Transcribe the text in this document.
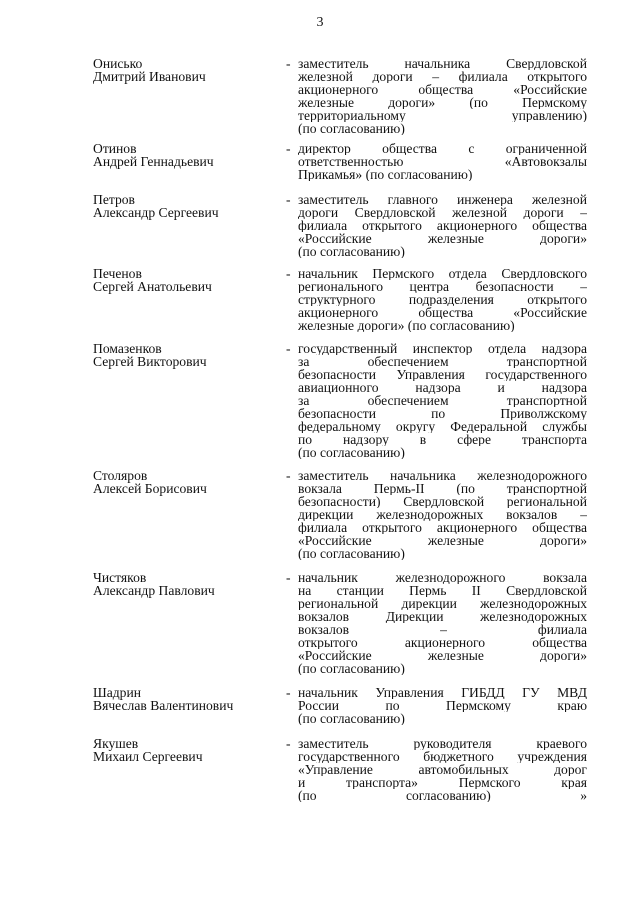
3
Онисько
Дмитрий Иванович
- заместитель начальника Свердловской
железной дороги – филиала открытого
акционерного общества «Российские
железные дороги» (по Пермскому
территориальному управлению)
(по согласованию)
Отинов
Андрей Геннадьевич
- директор общества с ограниченной
ответственностью «Автовокзалы
Прикамья» (по согласованию)
Петров
Александр Сергеевич
- заместитель главного инженера железной
дороги Свердловской железной дороги –
филиала открытого акционерного общества
«Российские железные дороги»
(по согласованию)
Печенов
Сергей Анатольевич
- начальник Пермского отдела Свердловского
регионального центра безопасности –
структурного подразделения открытого
акционерного общества «Российские
железные дороги» (по согласованию)
Помазенков
Сергей Викторович
- государственный инспектор отдела надзора
за обеспечением транспортной
безопасности Управления государственного
авиационного надзора и надзора
за обеспечением транспортной
безопасности по Приволжскому
федеральному округу Федеральной службы
по надзору в сфере транспорта
(по согласованию)
Столяров
Алексей Борисович
- заместитель начальника железнодорожного
вокзала Пермь-II (по транспортной
безопасности) Свердловской региональной
дирекции железнодорожных вокзалов –
филиала открытого акционерного общества
«Российские железные дороги»
(по согласованию)
Чистяков
Александр Павлович
- начальник железнодорожного вокзала
на станции Пермь II Свердловской
региональной дирекции железнодорожных
вокзалов Дирекции железнодорожных
вокзалов – филиала
открытого акционерного общества
«Российские железные дороги»
(по согласованию)
Шадрин
Вячеслав Валентинович
- начальник Управления ГИБДД ГУ МВД
России по Пермскому краю
(по согласованию)
Якушев
Михаил Сергеевич
- заместитель руководителя краевого
государственного бюджетного учреждения
«Управление автомобильных дорог
и транспорта» Пермского края
(по согласованию) »
